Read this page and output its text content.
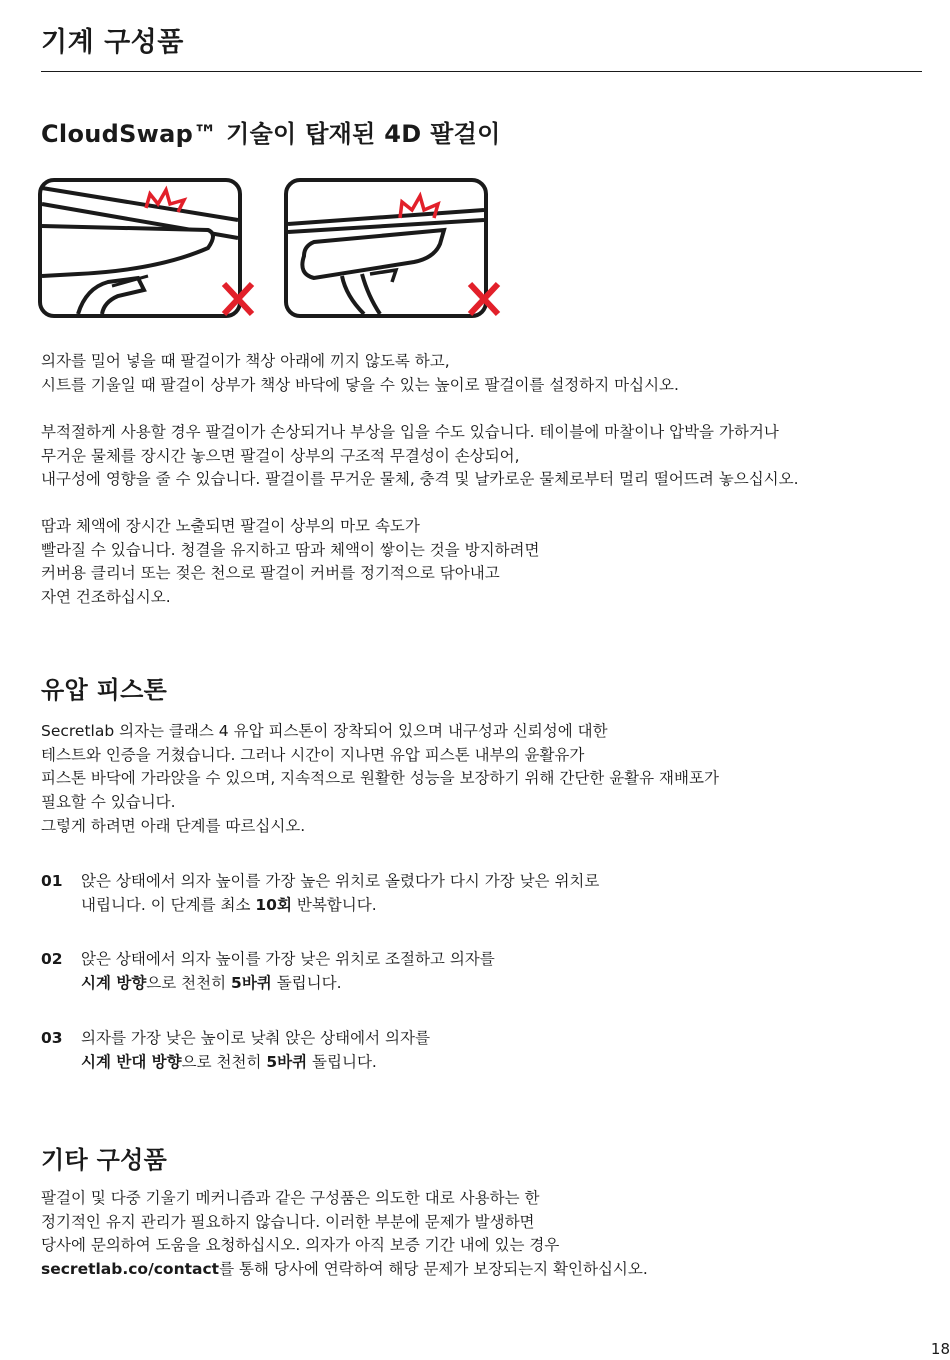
기계 구성품
CloudSwap™ 기술이 탑재된 4D 팔걸이
의자를 밀어 넣을 때 팔걸이가 책상 아래에 끼지 않도록 하고,
시트를 기울일 때 팔걸이 상부가 책상 바닥에 닿을 수 있는 높이로 팔걸이를 설정하지 마십시오.
부적절하게 사용할 경우 팔걸이가 손상되거나 부상을 입을 수도 있습니다. 테이블에 마찰이나 압박을 가하거나
무거운 물체를 장시간 놓으면 팔걸이 상부의 구조적 무결성이 손상되어,
내구성에 영향을 줄 수 있습니다. 팔걸이를 무거운 물체, 충격 및 날카로운 물체로부터 멀리 떨어뜨려 놓으십시오.
땀과 체액에 장시간 노출되면 팔걸이 상부의 마모 속도가
빨라질 수 있습니다. 청결을 유지하고 땀과 체액이 쌓이는 것을 방지하려면
커버용 클리너 또는 젖은 천으로 팔걸이 커버를 정기적으로 닦아내고
자연 건조하십시오.
유압 피스톤
Secretlab 의자는 클래스 4 유압 피스톤이 장착되어 있으며 내구성과 신뢰성에 대한
테스트와 인증을 거쳤습니다. 그러나 시간이 지나면 유압 피스톤 내부의 윤활유가
피스톤 바닥에 가라앉을 수 있으며, 지속적으로 원활한 성능을 보장하기 위해 간단한 윤활유 재배포가
필요할 수 있습니다.
그렇게 하려면 아래 단계를 따르십시오.
01	앉은 상태에서 의자 높이를 가장 높은 위치로 올렸다가 다시 가장 낮은 위치로
내립니다. 이 단계를 최소 10회 반복합니다.
02	앉은 상태에서 의자 높이를 가장 낮은 위치로 조절하고 의자를
시계 방향으로 천천히 5바퀴 돌립니다.
03	의자를 가장 낮은 높이로 낮춰 앉은 상태에서 의자를
시계 반대 방향으로 천천히 5바퀴 돌립니다.
기타 구성품
팔걸이 및 다중 기울기 메커니즘과 같은 구성품은 의도한 대로 사용하는 한
정기적인 유지 관리가 필요하지 않습니다. 이러한 부분에 문제가 발생하면
당사에 문의하여 도움을 요청하십시오. 의자가 아직 보증 기간 내에 있는 경우
secretlab.co/contact를 통해 당사에 연락하여 해당 문제가 보장되는지 확인하십시오.
18
